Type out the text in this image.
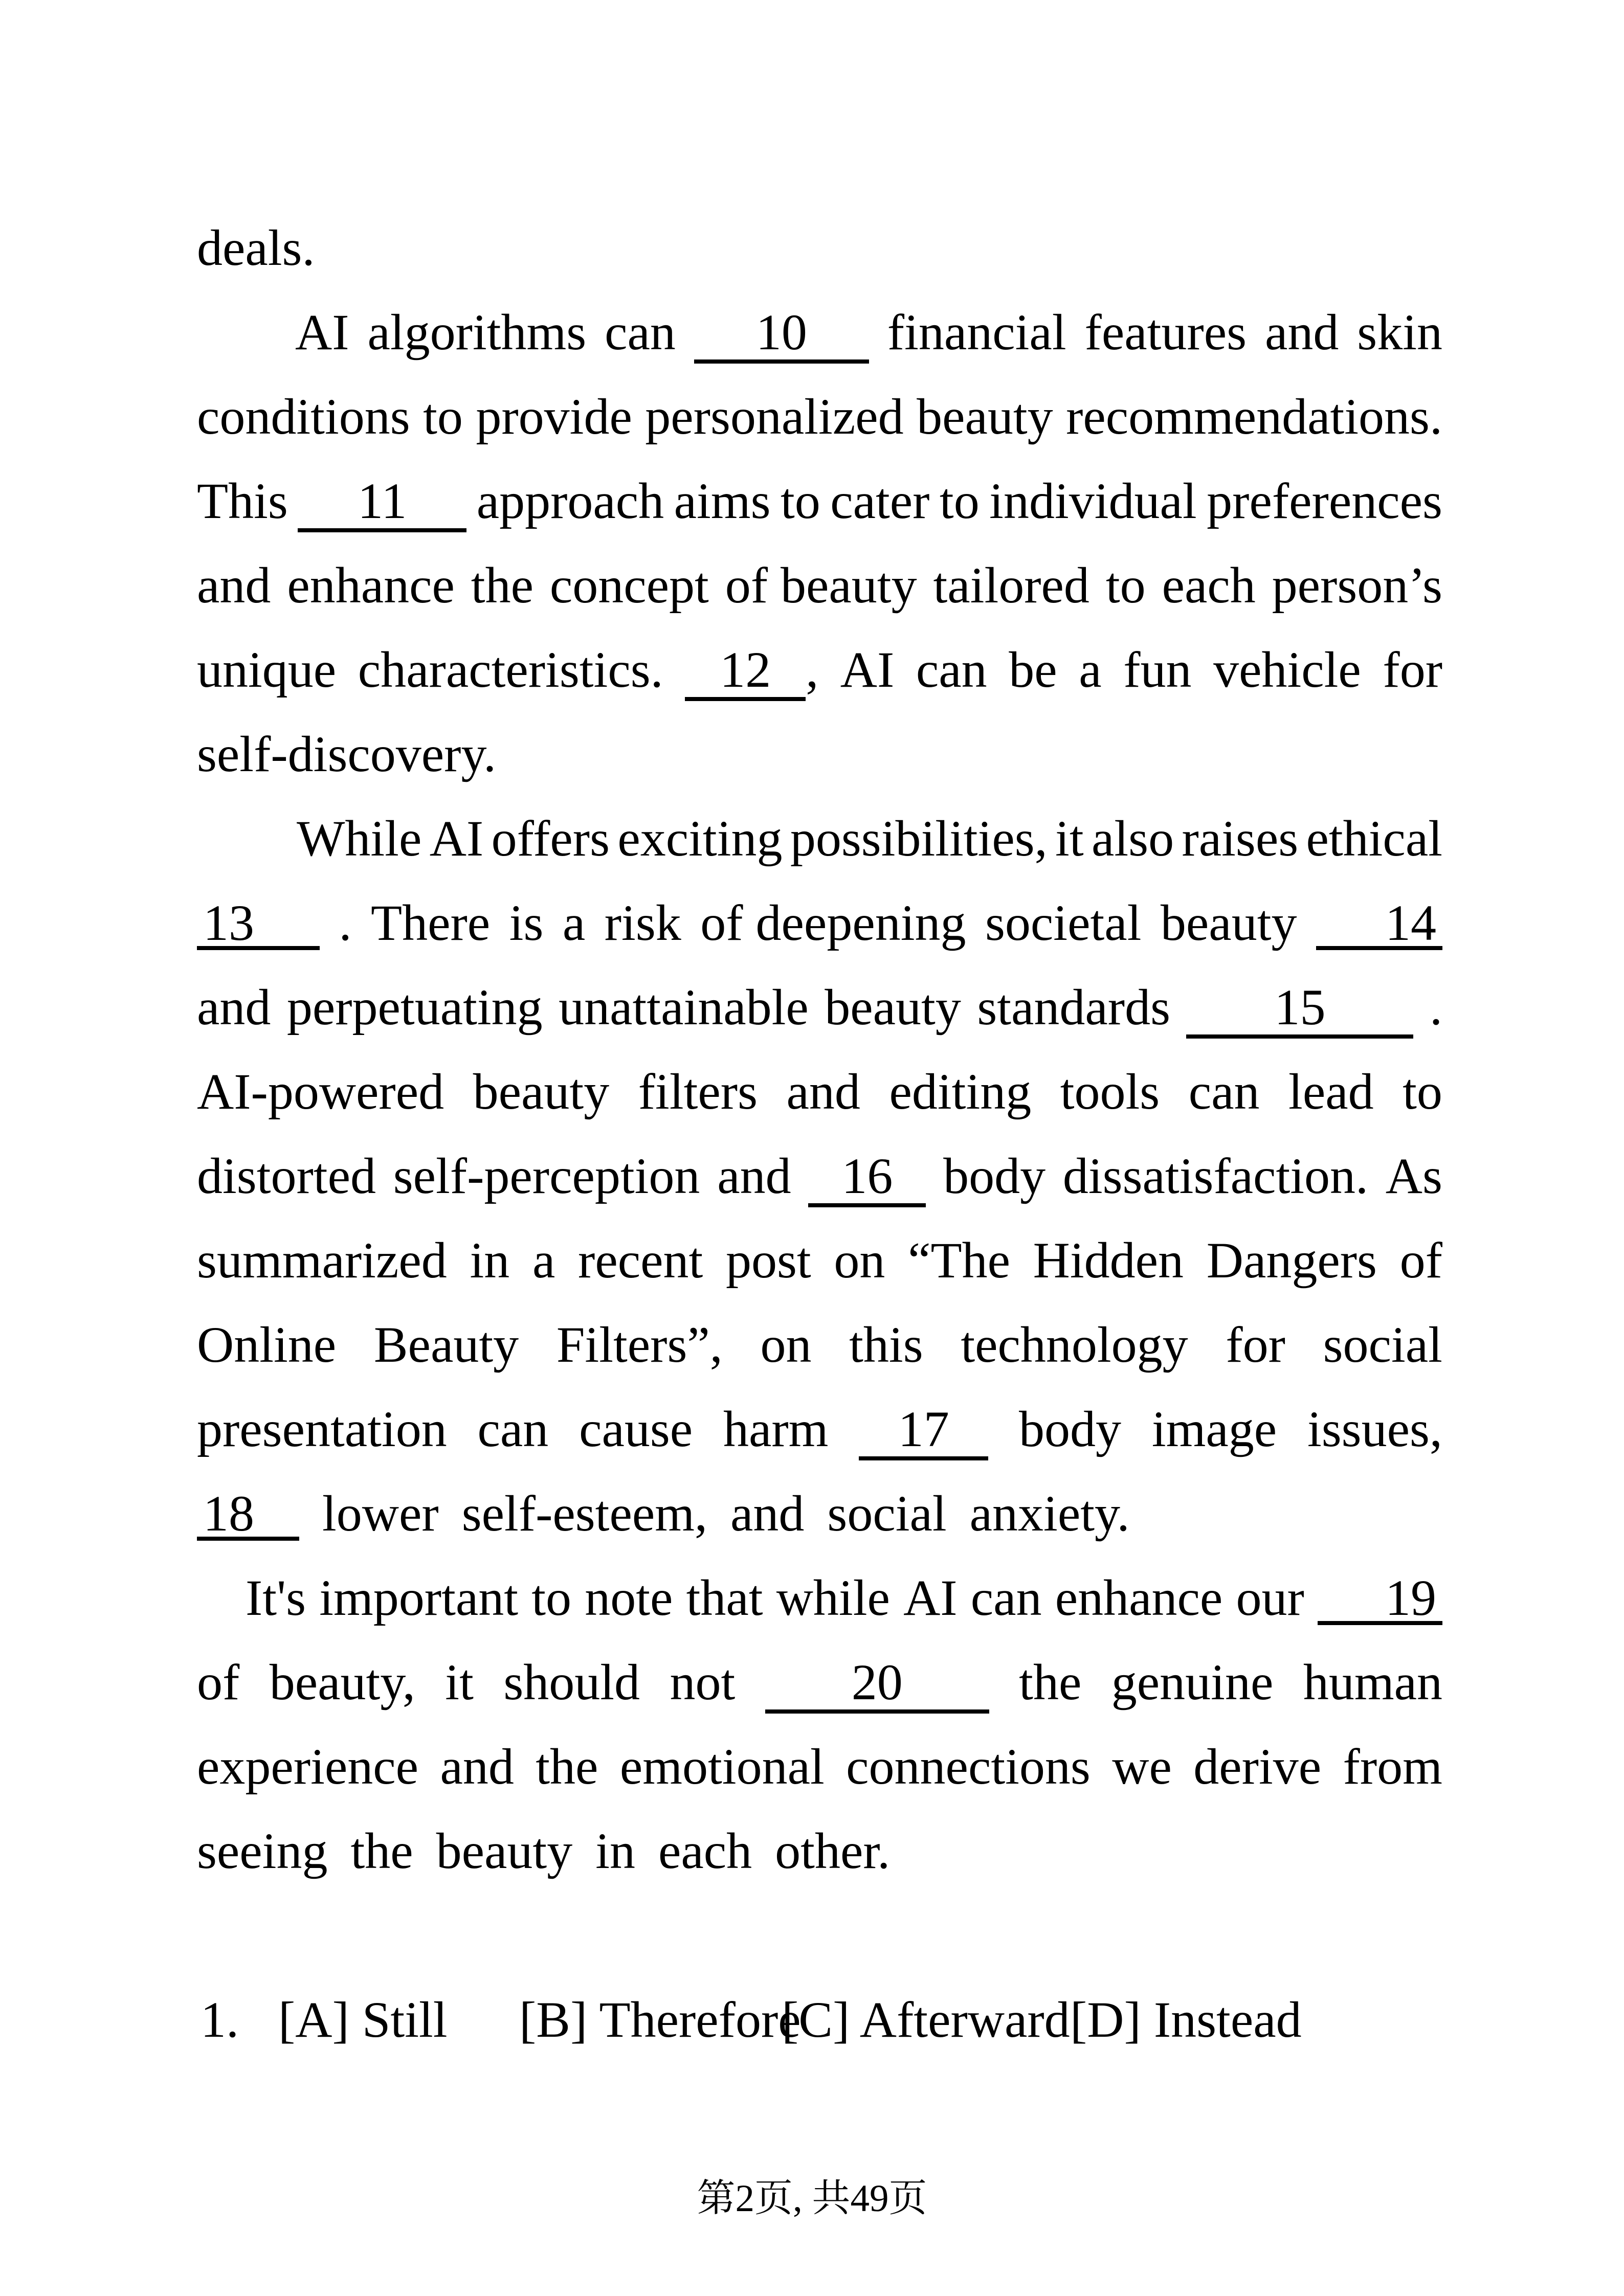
deals.
AI algorithms can	10	financial features and skin
conditions to provide personalized beauty recommendations.
This	11	approach aims to cater to individual preferences
and enhance the concept of beauty tailored to each person’s
unique characteristics.	12 , AI can be a fun vehicle for
self-discovery.
While AI offers exciting possibilities, it also raises ethical
13	. There is a risk of deepening societal beauty	14
and perpetuating unattainable beauty standards	15	.
AI-powered beauty filters and editing tools can lead to
distorted self-perception and 16 body dissatisfaction. As
summarized in a recent post on “The Hidden Dangers of
Online Beauty Filters”, on this technology for social
presentation can cause harm	17	body image issues,
18	lower self-esteem, and social anxiety.
It's important to note that while AI can enhance our	19
of beauty, it should not	20	the genuine human
experience and the emotional connections we derive from
seeing the beauty in each other.
1. [A] Still [B] Therefore
[C] Afterward [D] Instead
第2页, 共49页
